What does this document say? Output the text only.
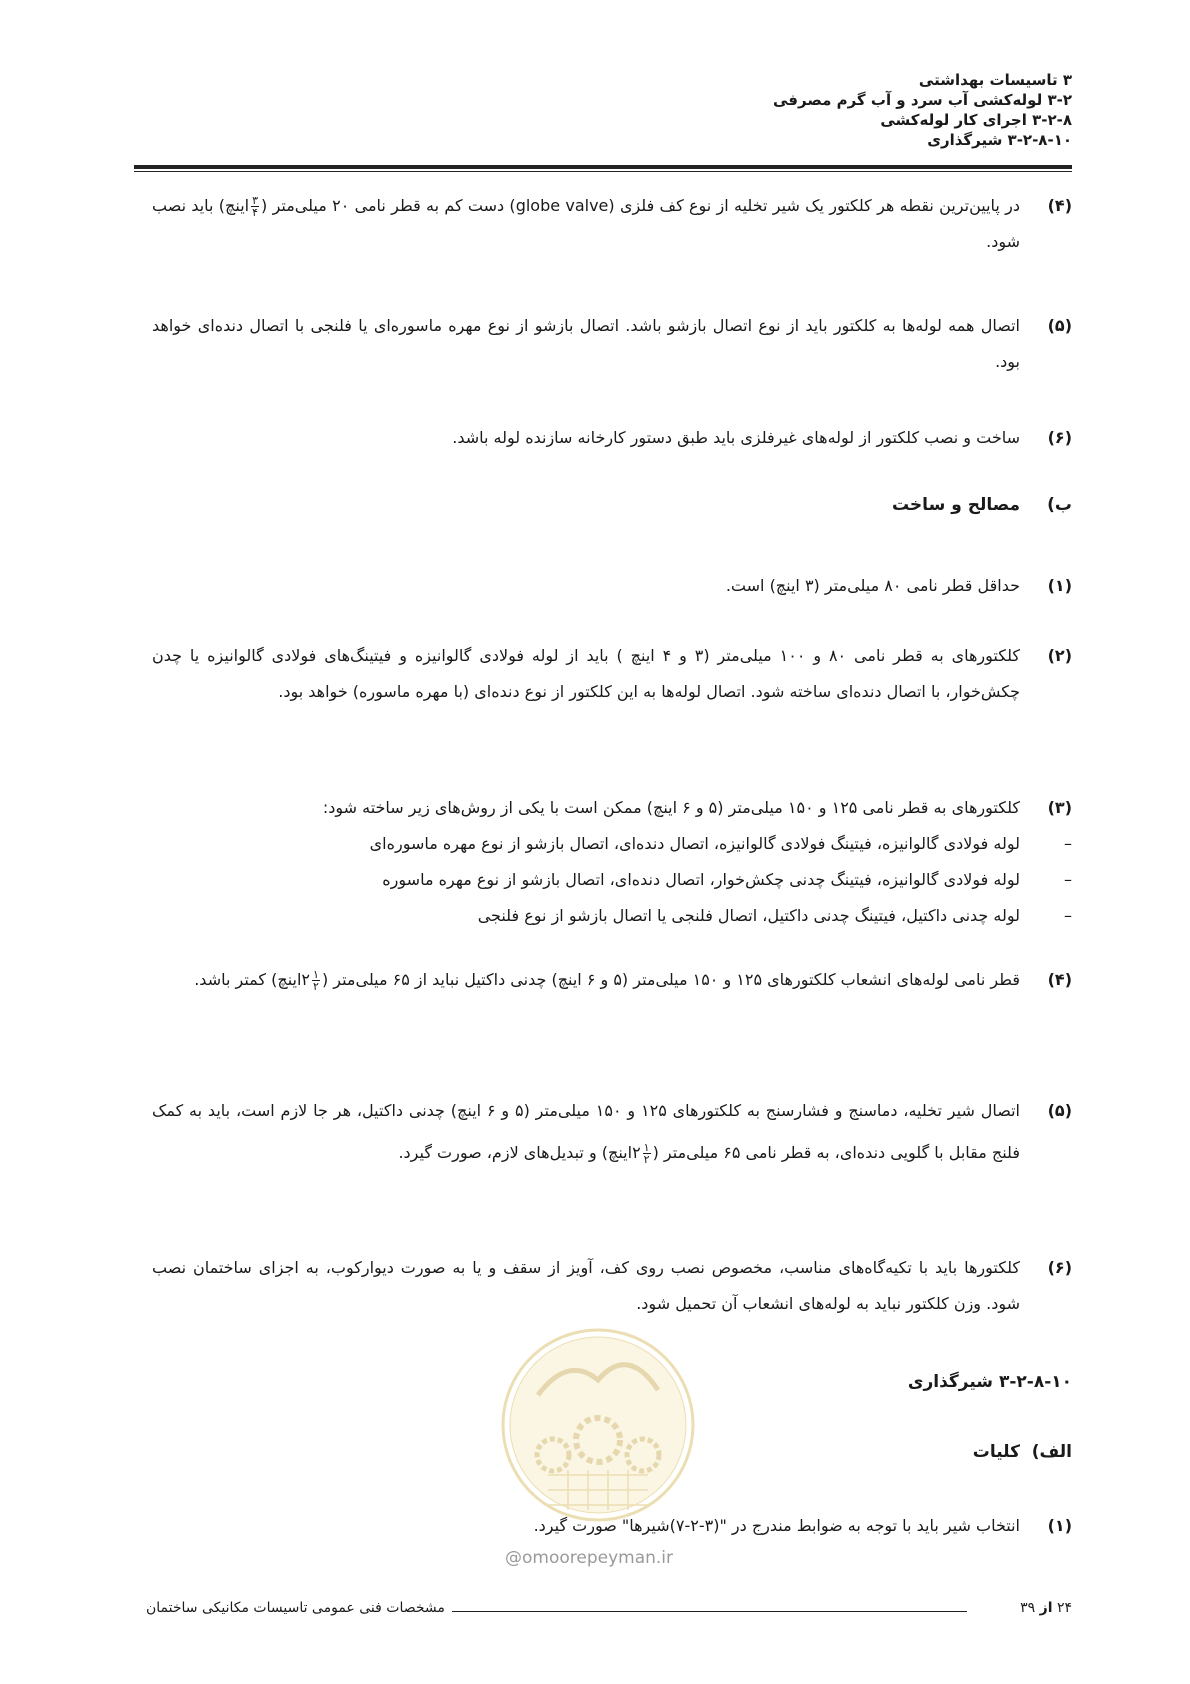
۳ تاسیسات بهداشتی
۳-۲ لوله‌کشی آب سرد و آب گرم مصرفی
۳-۲-۸ اجرای کار لوله‌کشی
۳-۲-۸-۱۰ شیرگذاری
(۴)
در پایین‌ترین نقطه هر کلکتور یک شیر تخلیه از نوع کف فلزی (globe valve) دست کم به قطر نامی ۲۰ میلی‌متر (
$\frac{۳}{۴}$
اینچ) باید نصب شود.
(۵)
اتصال همه لوله‌ها به کلکتور باید از نوع اتصال بازشو باشد. اتصال بازشو از نوع مهره ماسوره‌ای یا فلنجی با اتصال دنده‌ای خواهد بود.
(۶)
ساخت و نصب کلکتور از لوله‌های غیرفلزی باید طبق دستور کارخانه سازنده لوله باشد.
ب)مصالح و ساخت
(۱)
حداقل قطر نامی ۸۰ میلی‌متر (۳ اینچ) است.
(۲)
کلکتورهای به قطر نامی ۸۰ و ۱۰۰ میلی‌متر (۳ و ۴ اینچ ) باید از لوله فولادی گالوانیزه و فیتینگ‌های فولادی گالوانیزه یا چدن چکش‌خوار، با اتصال دنده‌ای ساخته شود. اتصال لوله‌ها به این کلکتور از نوع دنده‌ای (با مهره ماسوره) خواهد بود.
(۳)
کلکتورهای به قطر نامی ۱۲۵ و ۱۵۰ میلی‌متر (۵ و ۶ اینچ) ممکن است با یکی از روش‌های زیر ساخته شود:
–
لوله فولادی گالوانیزه، فیتینگ فولادی گالوانیزه، اتصال دنده‌ای، اتصال بازشو از نوع مهره ماسوره‌ای
–
لوله فولادی گالوانیزه، فیتینگ چدنی چکش‌خوار، اتصال دنده‌ای، اتصال بازشو از نوع مهره ماسوره
–
لوله چدنی داکتیل، فیتینگ چدنی داکتیل، اتصال فلنجی یا اتصال بازشو از نوع فلنجی
(۴)
قطر نامی لوله‌های انشعاب کلکتورهای ۱۲۵ و ۱۵۰ میلی‌متر (۵ و ۶ اینچ) چدنی داکتیل نباید از ۶۵ میلی‌متر (
$\frac{۱}{۲}$
۲اینچ) کمتر باشد.
(۵)
اتصال شیر تخلیه، دماسنج و فشارسنج به کلکتورهای ۱۲۵ و ۱۵۰ میلی‌متر (۵ و ۶ اینچ) چدنی داکتیل، هر جا لازم است، باید به کمک فلنج مقابل با گلویی دنده‌ای، به قطر نامی ۶۵ میلی‌متر (
$\frac{۱}{۲}$
۲اینچ) و تبدیل‌های لازم، صورت گیرد.
(۶)
کلکتورها باید با تکیه‌گاه‌های مناسب، مخصوص نصب روی کف، آویز از سقف و یا به صورت دیوارکوب، به اجزای ساختمان نصب شود. وزن کلکتور نباید به لوله‌های انشعاب آن تحمیل شود.
۳-۲-۸-۱۰ شیرگذاری
الف)کلیات
(۱)
انتخاب شیر باید با توجه به ضوابط مندرج در "(۳-۲-۷)شیرها" صورت گیرد.
@omoorepeyman.ir
۲۴ از ۳۹
مشخصات فنی عمومی تاسیسات مکانیکی ساختمان
